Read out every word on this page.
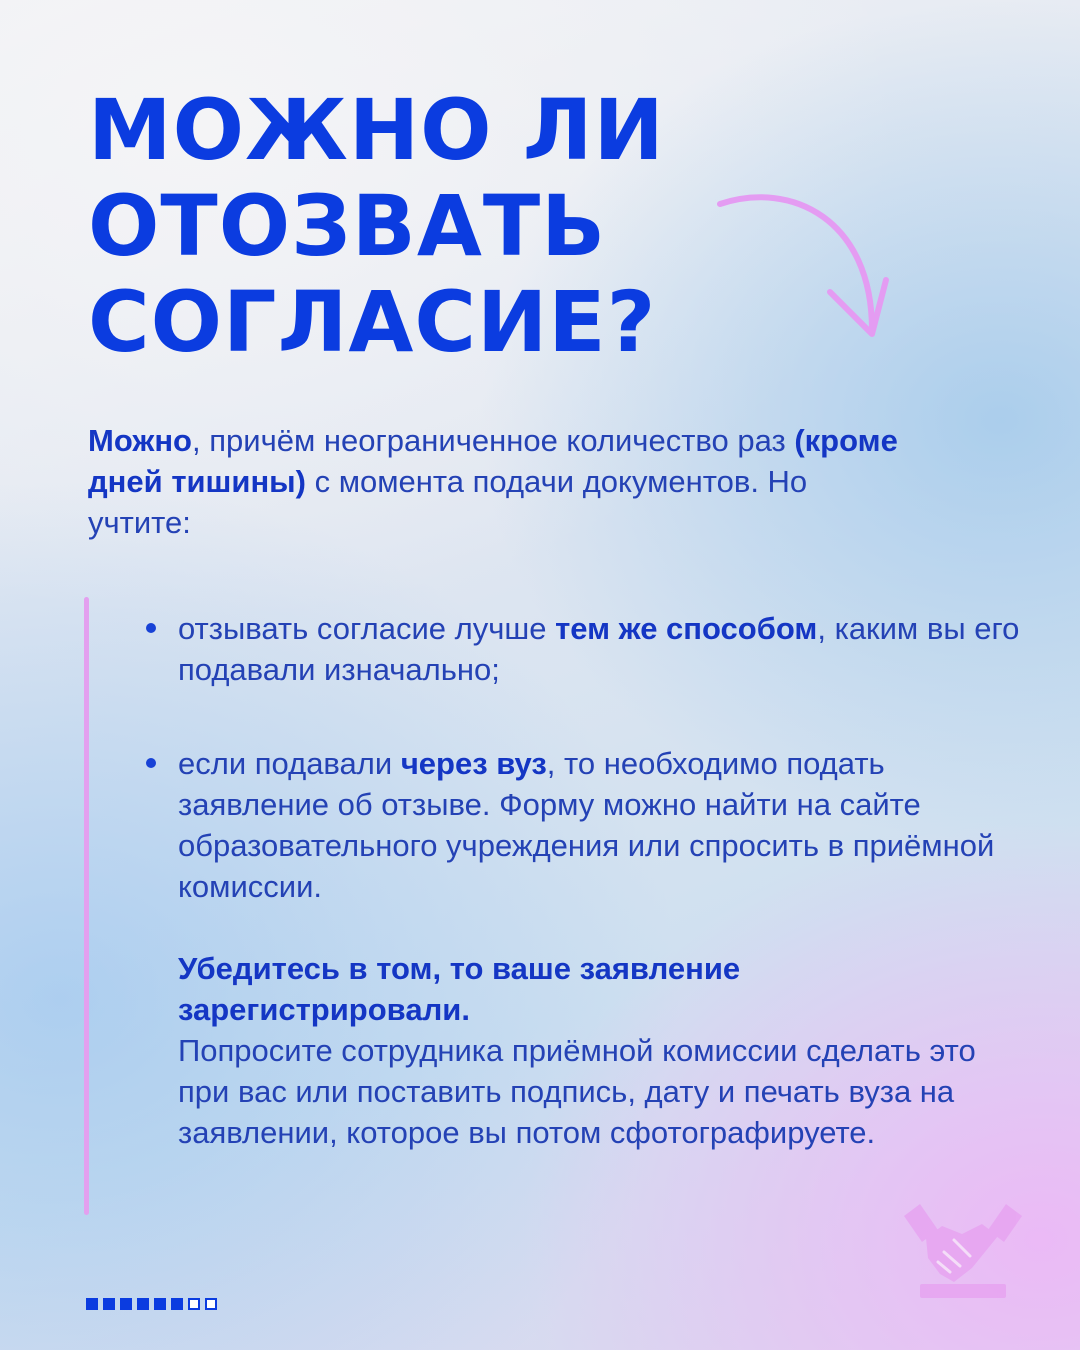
МОЖНО ЛИ
ОТОЗВАТЬ
СОГЛАСИЕ?
Можно, причём неограниченное количество раз (кроме дней тишины) с момента подачи документов. Но учтите:
отзывать согласие лучше тем же способом, каким вы его подавали изначально;
если подавали через вуз, то необходимо подать заявление об отзыве. Форму можно найти на сайте образовательного учреждения или спросить в приёмной комиссии.
Убедитесь в том, то ваше заявление зарегистрировали.
Попросите сотрудника приёмной комиссии сделать это при вас или поставить подпись, дату и печать вуза на заявлении, которое вы потом сфотографируете.
